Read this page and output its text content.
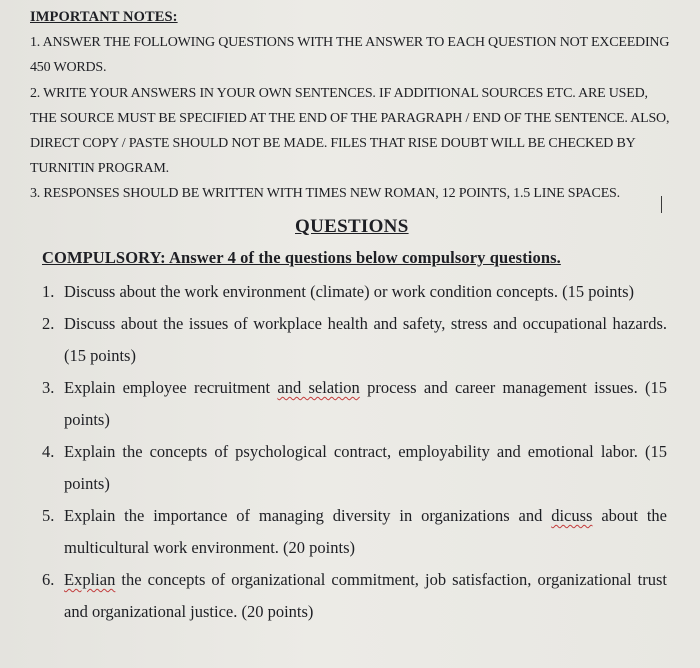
IMPORTANT NOTES:
1. ANSWER THE FOLLOWING QUESTIONS WITH THE ANSWER TO EACH QUESTION NOT EXCEEDING 450 WORDS.
2. WRITE YOUR ANSWERS IN YOUR OWN SENTENCES. IF ADDITIONAL SOURCES ETC. ARE USED, THE SOURCE MUST BE SPECIFIED AT THE END OF THE PARAGRAPH / END OF THE SENTENCE. ALSO, DIRECT COPY / PASTE SHOULD NOT BE MADE. FILES THAT RISE DOUBT WILL BE CHECKED BY TURNITIN PROGRAM.
3. RESPONSES SHOULD BE WRITTEN WITH TIMES NEW ROMAN, 12 POINTS, 1.5 LINE SPACES.
QUESTIONS
COMPULSORY: Answer 4 of the questions below compulsory questions.
1. Discuss about the work environment (climate) or work condition concepts. (15 points)
2. Discuss about the issues of workplace health and safety, stress and occupational hazards. (15 points)
3. Explain employee recruitment and selation process and career management issues. (15 points)
4. Explain the concepts of psychological contract, employability and emotional labor. (15 points)
5. Explain the importance of managing diversity in organizations and dicuss about the multicultural work environment. (20 points)
6. Explian the concepts of organizational commitment, job satisfaction, organizational trust and organizational justice. (20 points)
